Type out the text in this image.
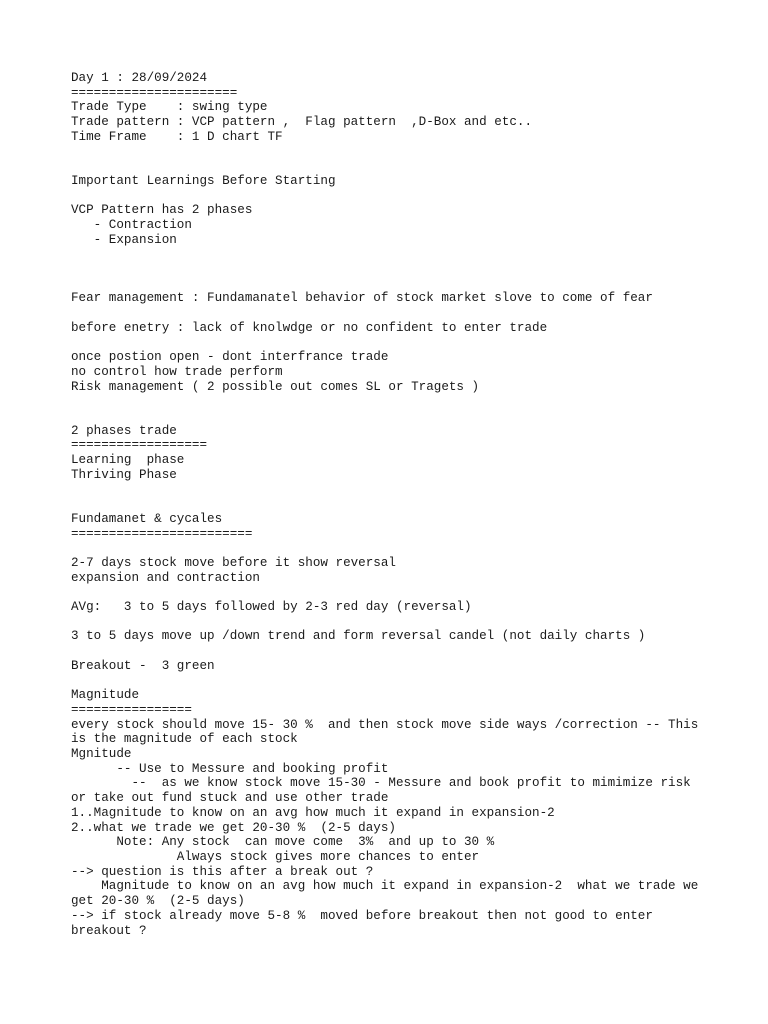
Day 1 : 28/09/2024
======================
Trade Type    : swing type
Trade pattern : VCP pattern ,  Flag pattern  ,D-Box and etc..
Time Frame    : 1 D chart TF
Important Learnings Before Starting
VCP Pattern has 2 phases
- Contraction
- Expansion
Fear management : Fundamanatel behavior of stock market slove to come of fear
before enetry : lack of knolwdge or no confident to enter trade
once postion open - dont interfrance trade
no control how trade perform
Risk management ( 2 possible out comes SL or Tragets )
2 phases trade
==================
Learning  phase
Thriving Phase
Fundamanet & cycales
========================
2-7 days stock move before it show reversal
expansion and contraction
AVg:   3 to 5 days followed by 2-3 red day (reversal)
3 to 5 days move up /down trend and form reversal candel (not daily charts )
Breakout -  3 green
Magnitude
================
every stock should move 15- 30 %  and then stock move side ways /correction -- This
is the magnitude of each stock
Mgnitude
-- Use to Messure and booking profit
--  as we know stock move 15-30 - Messure and book profit to mimimize risk
or take out fund stuck and use other trade
1..Magnitude to know on an avg how much it expand in expansion-2
2..what we trade we get 20-30 %  (2-5 days)
Note: Any stock  can move come  3%  and up to 30 %
Always stock gives more chances to enter
--> question is this after a break out ?
Magnitude to know on an avg how much it expand in expansion-2  what we trade we
get 20-30 %  (2-5 days)
--> if stock already move 5-8 %  moved before breakout then not good to enter
breakout ?
